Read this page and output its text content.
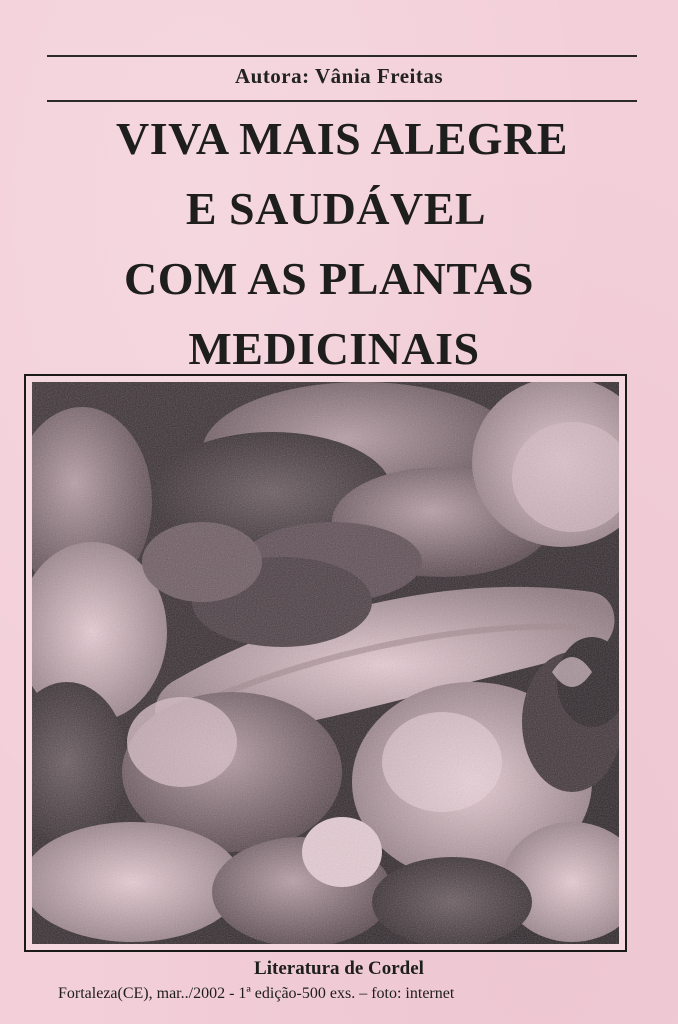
Autora: Vânia Freitas
VIVA MAIS ALEGRE
E SAUDÁVEL
COM AS PLANTAS
MEDICINAIS
Literatura de Cordel
Fortaleza(CE), mar../2002 - 1ª edição-500 exs. – foto: internet
